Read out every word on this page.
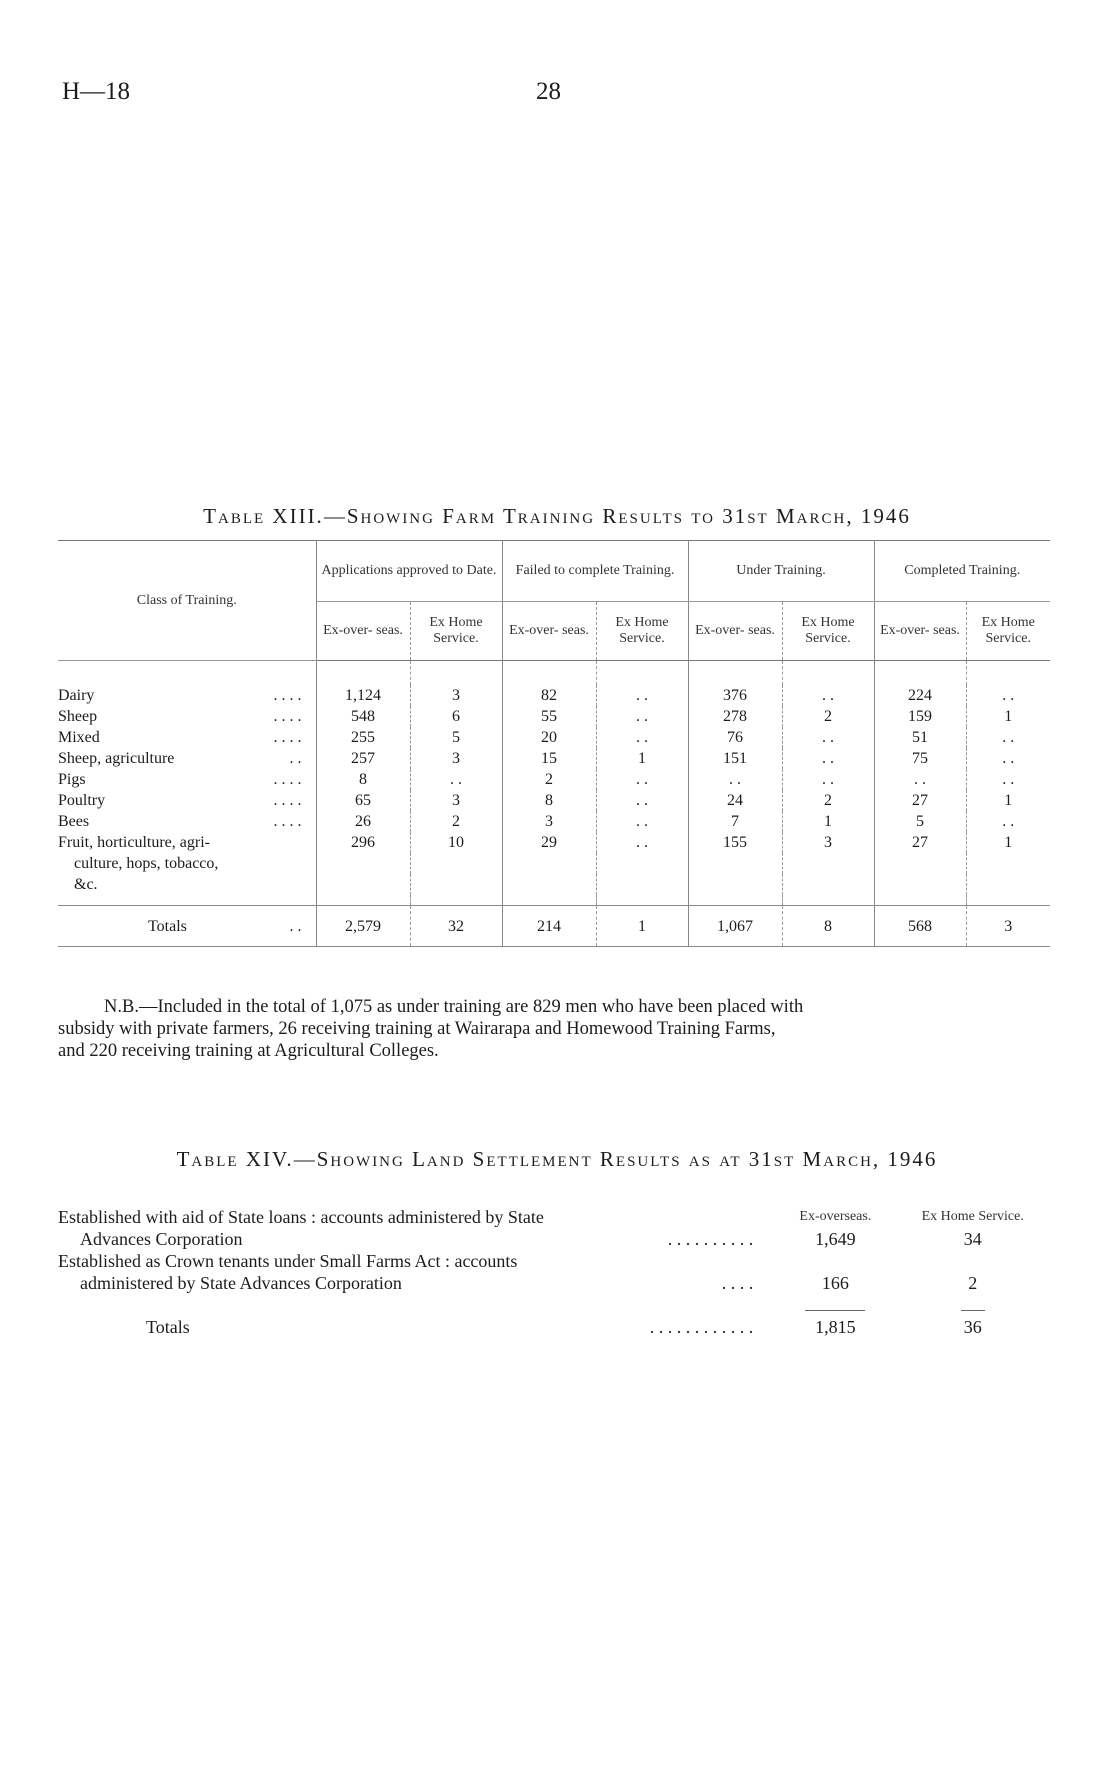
H—18	28
Table XIII.—Showing Farm Training Results to 31st March, 1946
Class of Training.	Applications approved to Date.		Failed to complete Training.		Under Training.		Completed Training.	
	Ex-over- seas.	Ex Home Service.	Ex-over- seas.	Ex Home Service.	Ex-over- seas.	Ex Home Service.	Ex-over- seas.	Ex Home Service.

Dairy . . . .	1,124	3	82	. .	376	. .	224	. .
Sheep . . . .	548	6	55	. .	278	2	159	1
Mixed . . . .	255	5	20	. .	76	. .	51	. .
Sheep, agriculture . .	257	3	15	1	151	. .	75	. .
Pigs . . . .	8	. .	2	. .	. .	. .	. .	. .
Poultry . . . .	65	3	8	. .	24	2	27	1
Bees . . . .	26	2	3	. .	7	1	5	. .
Fruit, horticulture, agri-	296	10	29	. .	155	3	27	1
culture, hops, tobacco,

&c.

Totals . .	2,579	32	214	1	1,067	8	568	3
N.B.—Included in the total of 1,075 as under training are 829 men who have been placed with
subsidy with private farmers, 26 receiving training at Wairarapa and Homewood Training Farms,
and 220 receiving training at Agricultural Colleges.
Table XIV.—Showing Land Settlement Results as at 31st March, 1946
Established with aid of State loans : accounts administered by State	Ex-overseas.	Ex Home Service.
Advances Corporation . . . . . . . . . .	1,649	34
Established as Crown tenants under Small Farms Act : accounts		
administered by State Advances Corporation . . . .	166	2

Totals . . . . . . . . . . . .	1,815	36
